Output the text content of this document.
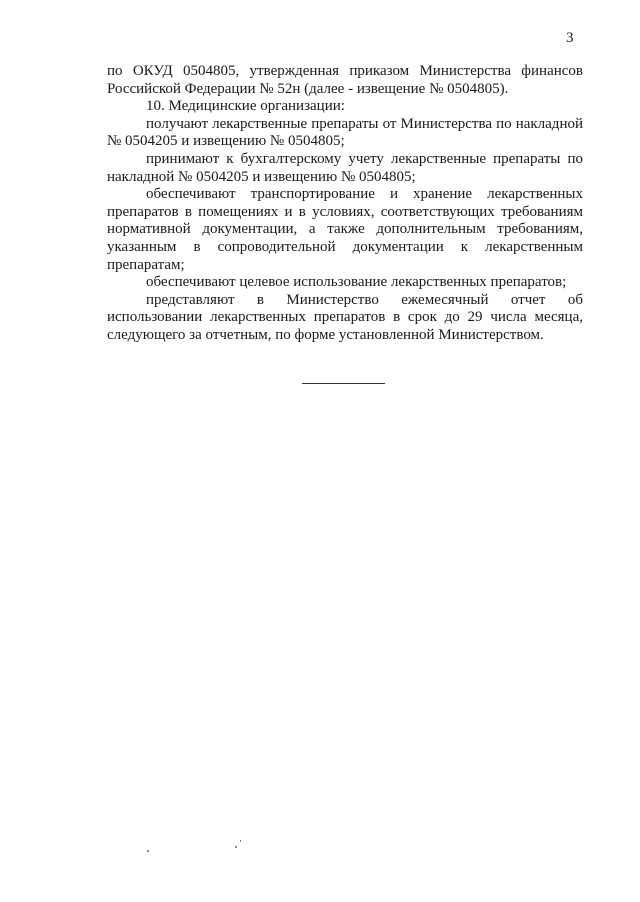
3

по ОКУД 0504805, утвержденная приказом Министерства финансов Российской Федерации № 52н (далее - извещение № 0504805).

10. Медицинские организации:

получают лекарственные препараты от Министерства по накладной № 0504205 и извещению № 0504805;

принимают к бухгалтерскому учету лекарственные препараты по накладной № 0504205 и извещению № 0504805;

обеспечивают транспортирование и хранение лекарственных препаратов в помещениях и в условиях, соответствующих требованиям нормативной документации, а также дополнительным требованиям, указанным в сопроводительной документации к лекарственным препаратам;

обеспечивают целевое использование лекарственных препаратов;

представляют в Министерство ежемесячный отчет об использовании лекарственных препаратов в срок до 29 числа месяца, следующего за отчетным, по форме установленной Министерством.
